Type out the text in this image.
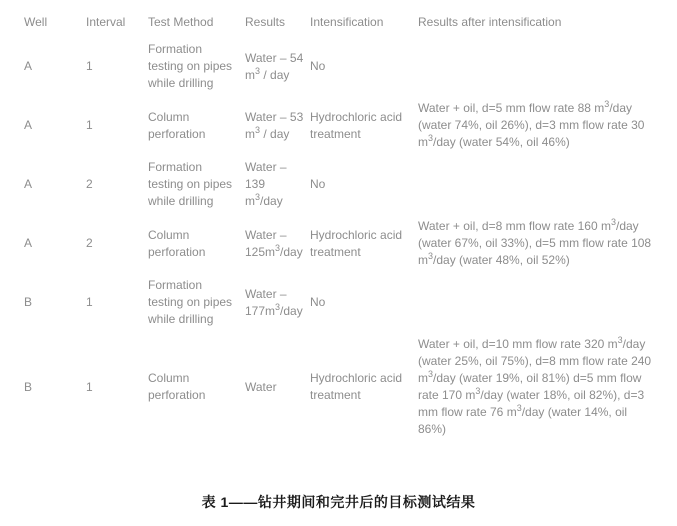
Well	Interval	Test Method	Results	Intensification	Results after intensification
A	1	Formation testing on pipes while drilling	Water – 54 $m^3$ / day	No	
A	1	Column perforation	Water – 53 $m^3$ / day	Hydrochloric acid treatment	Water + oil, d=5 mm flow rate 88 $m^3$/day (water 74%, oil 26%), d=3 mm flow rate 30 $m^3$/day (water 54%, oil 46%)
A	2	Formation testing on pipes while drilling	Water –139 $m^3$/day	No	
A	2	Column perforation	Water – $125m^3$/day	Hydrochloric acid treatment	Water + oil, d=8 mm flow rate 160 $m^3$/day (water 67%, oil 33%), d=5 mm flow rate 108 $m^3$/day (water 48%, oil 52%)
B	1	Formation testing on pipes while drilling	Water – $177m^3$/day	No	
B	1	Column perforation	Water	Hydrochloric acid treatment	Water + oil, d=10 mm flow rate 320 $m^3$/day (water 25%, oil 75%), d=8 mm flow rate 240 $m^3$/day (water 19%, oil 81%) d=5 mm flow rate 170 $m^3$/day (water 18%, oil 82%), d=3 mm flow rate 76 $m^3$/day (water 14%, oil 86%)
表 1——钻井期间和完井后的目标测试结果
